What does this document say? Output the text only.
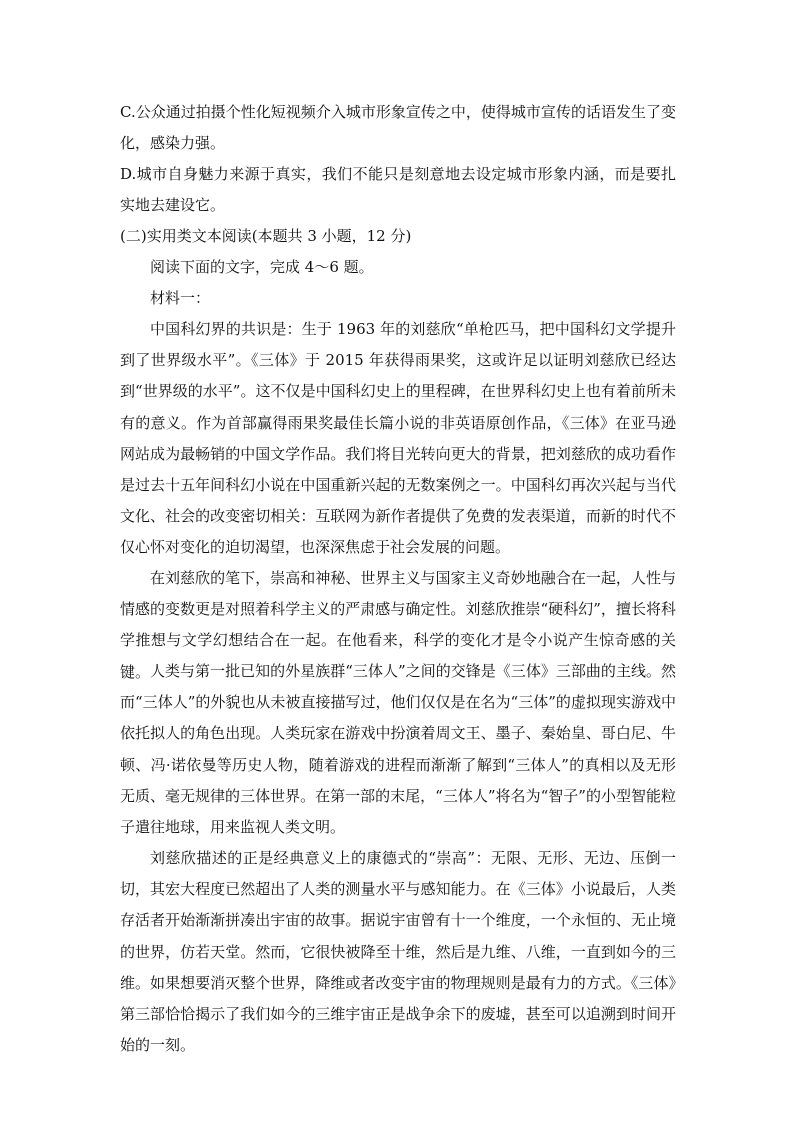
C.公众通过拍摄个性化短视频介入城市形象宣传之中，使得城市宣传的话语发生了变化，感染力强。

D.城市自身魅力来源于真实，我们不能只是刻意地去设定城市形象内涵，而是要扎实地去建设它。

(二)实用类文本阅读(本题共 3 小题，12 分)

阅读下面的文字，完成 4～6 题。

材料一：

中国科幻界的共识是：生于 1963 年的刘慈欣“单枪匹马，把中国科幻文学提升到了世界级水平”。《三体》于 2015 年获得雨果奖，这或许足以证明刘慈欣已经达到“世界级的水平”。这不仅是中国科幻史上的里程碑，在世界科幻史上也有着前所未有的意义。作为首部赢得雨果奖最佳长篇小说的非英语原创作品，《三体》在亚马逊网站成为最畅销的中国文学作品。我们将目光转向更大的背景，把刘慈欣的成功看作是过去十五年间科幻小说在中国重新兴起的无数案例之一。中国科幻再次兴起与当代文化、社会的改变密切相关：互联网为新作者提供了免费的发表渠道，而新的时代不仅心怀对变化的迫切渴望，也深深焦虑于社会发展的问题。

在刘慈欣的笔下，崇高和神秘、世界主义与国家主义奇妙地融合在一起，人性与情感的变数更是对照着科学主义的严肃感与确定性。刘慈欣推崇“硬科幻”，擅长将科学推想与文学幻想结合在一起。在他看来，科学的变化才是令小说产生惊奇感的关键。 人类与第一批已知的外星族群“三体人”之间的交锋是《三体》三部曲的主线。然而“三体人”的外貌也从未被直接描写过，他们仅仅是在名为“三体”的虚拟现实游戏中依托拟人的角色出现。人类玩家在游戏中扮演着周文王、墨子、秦始皇、哥白尼、牛顿、冯·诺依曼等历史人物，随着游戏的进程而渐渐了解到“三体人”的真相以及无形无质、毫无规律的三体世界。在第一部的末尾，“三体人”将名为“智子”的小型智能粒子遣往地球，用来监视人类文明。

刘慈欣描述的正是经典意义上的康德式的“崇高”：无限、无形、无边、压倒一切，其宏大程度已然超出了人类的测量水平与感知能力。在《三体》小说最后，人类存活者开始渐渐拼凑出宇宙的故事。据说宇宙曾有十一个维度，一个永恒的、无止境的世界，仿若天堂。然而，它很快被降至十维，然后是九维、八维，一直到如今的三维。如果想要消灭整个世界，降维或者改变宇宙的物理规则是最有力的方式。《三体》第三部恰恰揭示了我们如今的三维宇宙正是战争余下的废墟，甚至可以追溯到时间开始的一刻。
